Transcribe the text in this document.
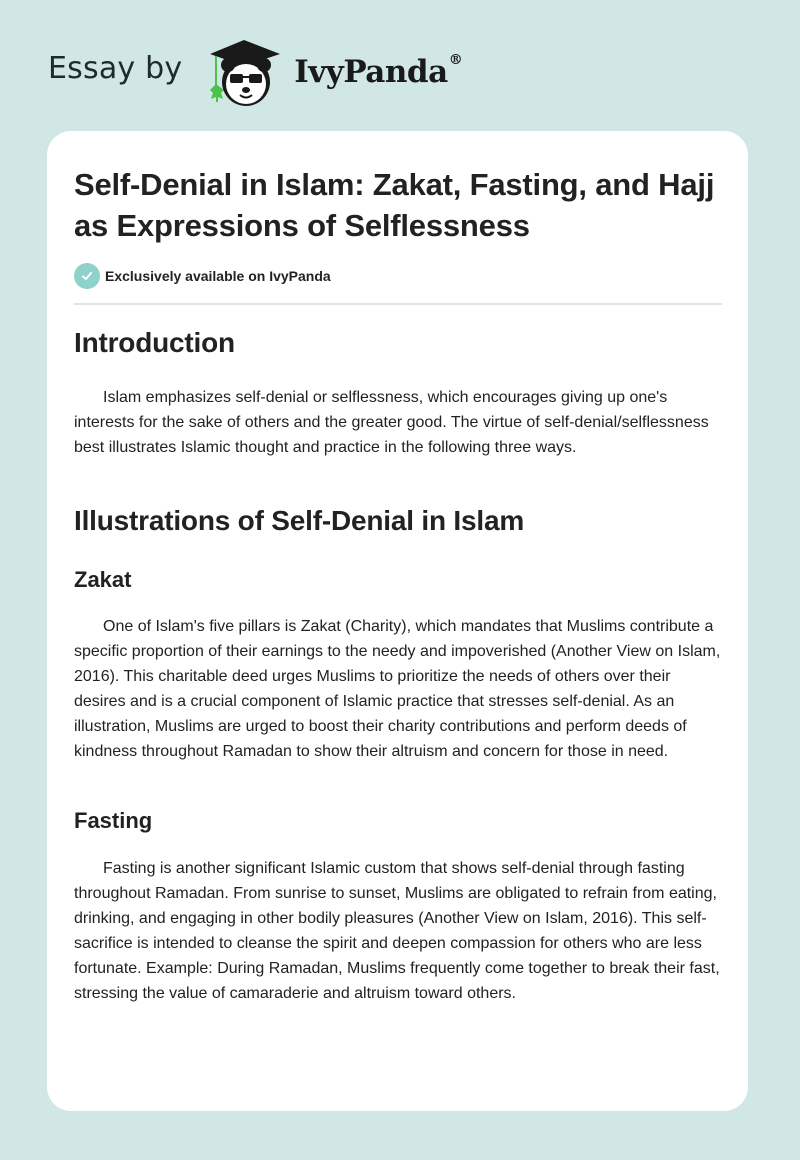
Essay by	IvyPanda®
Self-Denial in Islam: Zakat, Fasting, and Hajj as Expressions of Selflessness
Exclusively available on IvyPanda
Introduction

Islam emphasizes self-denial or selflessness, which encourages giving up one's interests for the sake of others and the greater good. The virtue of self-denial/selflessness best illustrates Islamic thought and practice in the following three ways.

Illustrations of Self-Denial in Islam
Zakat

One of Islam's five pillars is Zakat (Charity), which mandates that Muslims contribute a specific proportion of their earnings to the needy and impoverished (Another View on Islam, 2016). This charitable deed urges Muslims to prioritize the needs of others over their desires and is a crucial component of Islamic practice that stresses self-denial. As an illustration, Muslims are urged to boost their charity contributions and perform deeds of kindness throughout Ramadan to show their altruism and concern for those in need.

Fasting

Fasting is another significant Islamic custom that shows self-denial through fasting throughout Ramadan. From sunrise to sunset, Muslims are obligated to refrain from eating, drinking, and engaging in other bodily pleasures (Another View on Islam, 2016). This self-sacrifice is intended to cleanse the spirit and deepen compassion for others who are less fortunate. Example: During Ramadan, Muslims frequently come together to break their fast, stressing the value of camaraderie and altruism toward others.
